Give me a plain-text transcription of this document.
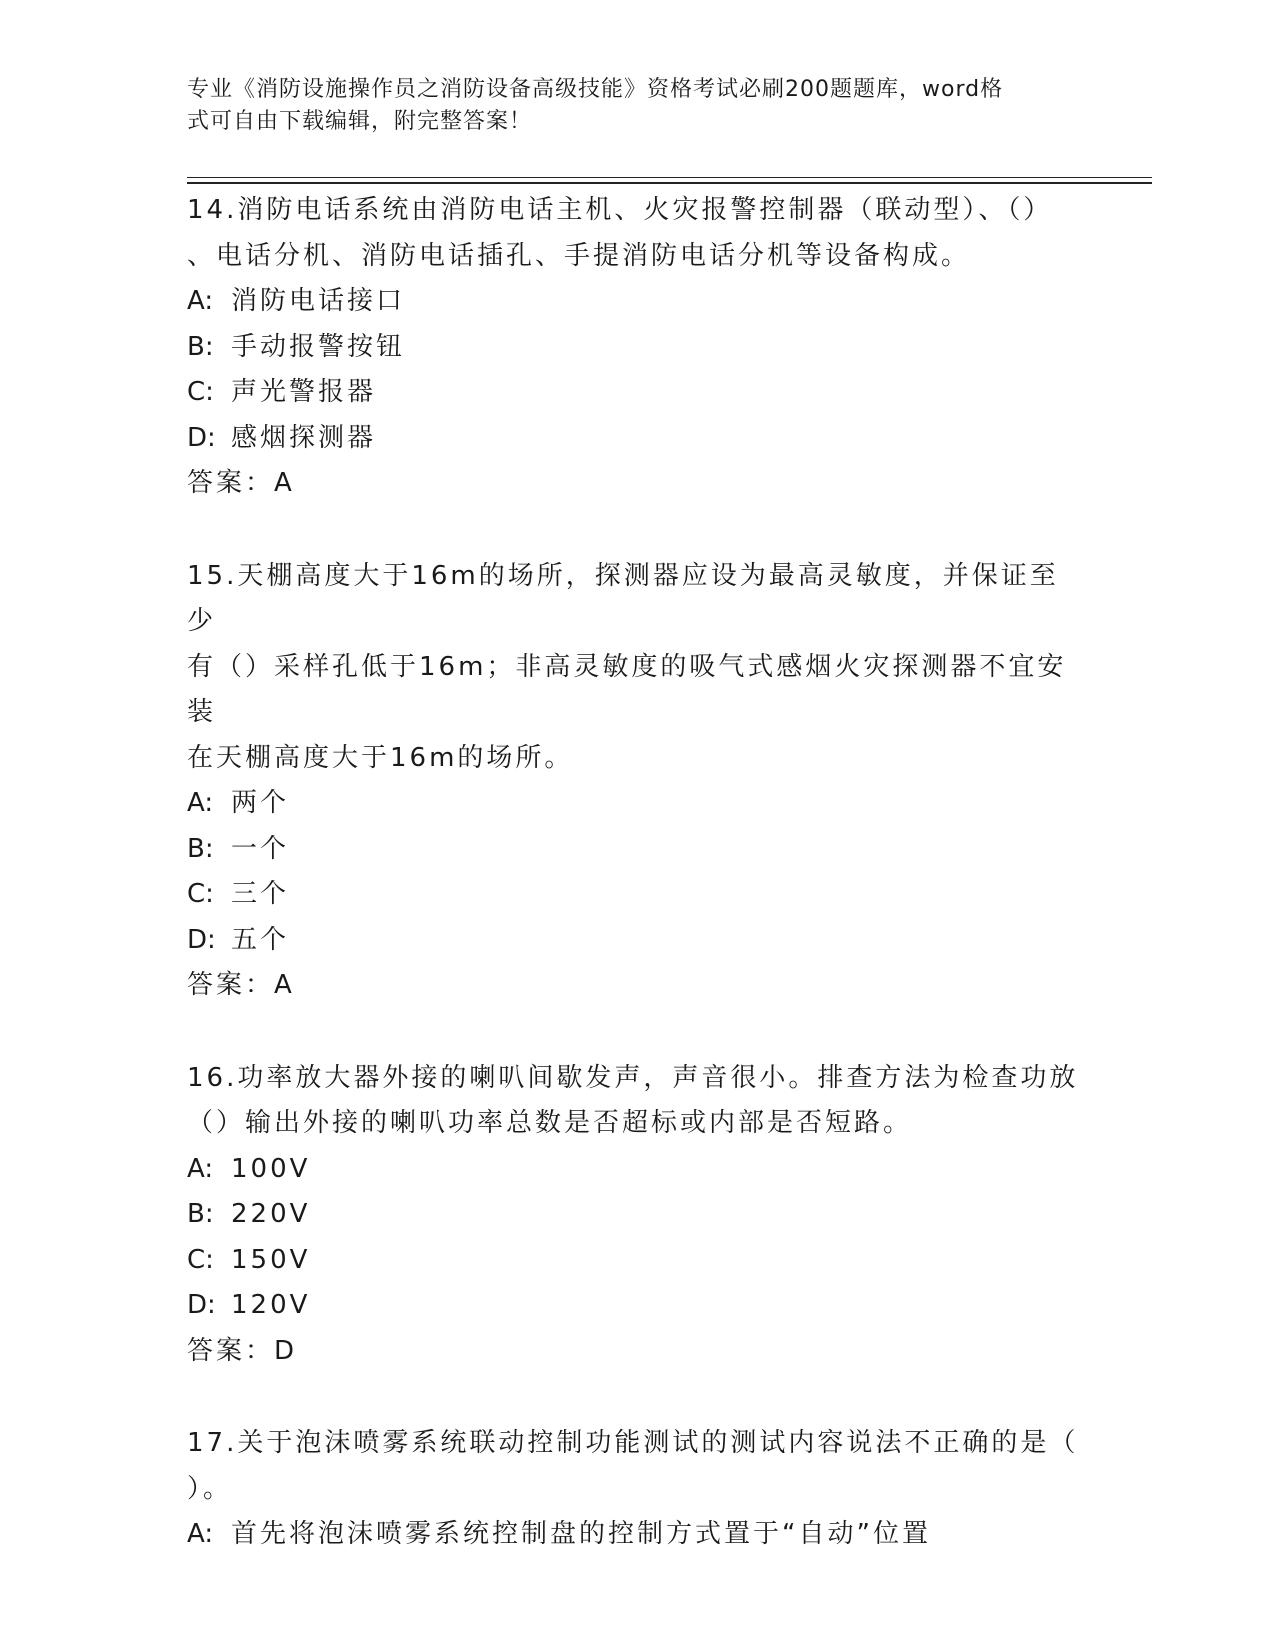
专业《消防设施操作员之消防设备高级技能》资格考试必刷200题题库，word格
式可自由下载编辑，附完整答案！

14.消防电话系统由消防电话主机、火灾报警控制器（联动型）、（）
、电话分机、消防电话插孔、手提消防电话分机等设备构成。

A: 消防电话接口

B: 手动报警按钮

C: 声光警报器

D: 感烟探测器

答案：A

15.天棚高度大于16m的场所，探测器应设为最高灵敏度，并保证至少
有（）采样孔低于16m；非高灵敏度的吸气式感烟火灾探测器不宜安装
在天棚高度大于16m的场所。

A: 两个

B: 一个

C: 三个

D: 五个

答案：A

16.功率放大器外接的喇叭间歇发声，声音很小。排查方法为检查功放
（）输出外接的喇叭功率总数是否超标或内部是否短路。

A: 100V

B: 220V

C: 150V

D: 120V

答案：D

17.关于泡沫喷雾系统联动控制功能测试的测试内容说法不正确的是（
）。

A: 首先将泡沫喷雾系统控制盘的控制方式置于“自动”位置
